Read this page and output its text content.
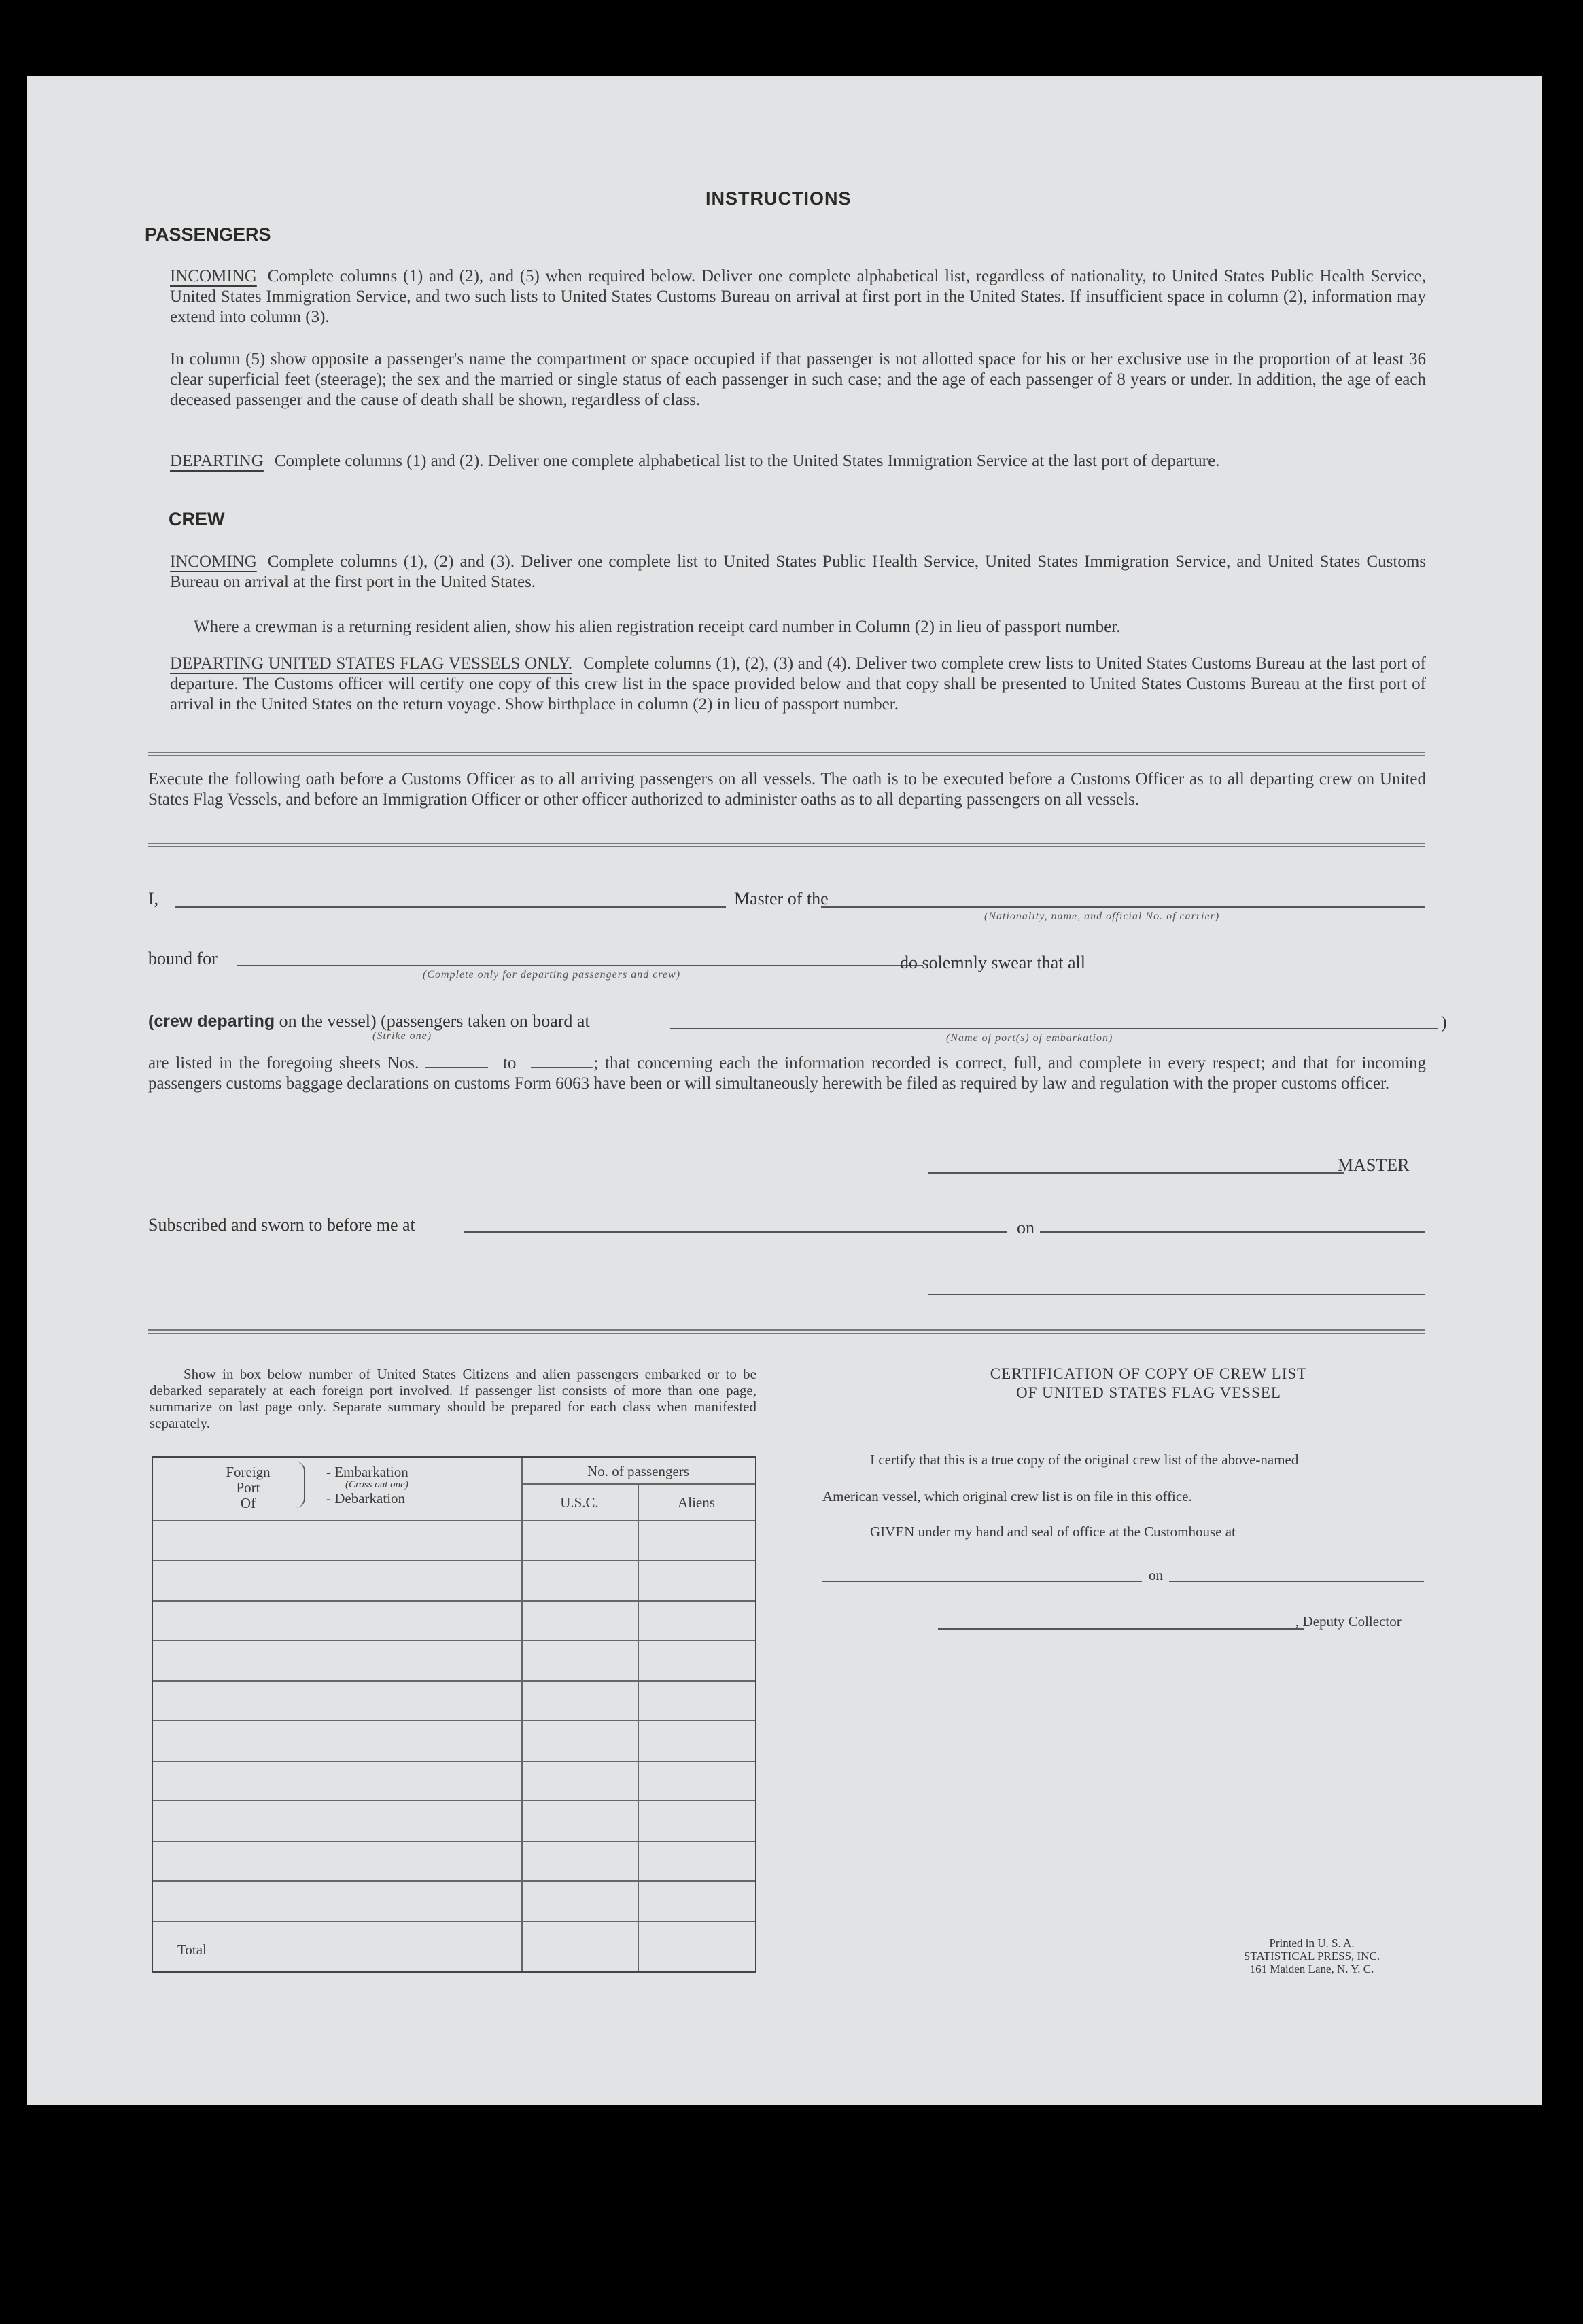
INSTRUCTIONS
PASSENGERS
INCOMING Complete columns (1) and (2), and (5) when required below. Deliver one complete alphabetical list, regardless of nationality, to United States Public Health Service, United States Immigration Service, and two such lists to United States Customs Bureau on arrival at first port in the United States. If insufficient space in column (2), information may extend into column (3).
In column (5) show opposite a passenger's name the compartment or space occupied if that passenger is not allotted space for his or her exclusive use in the proportion of at least 36 clear superficial feet (steerage); the sex and the married or single status of each passenger in such case; and the age of each passenger of 8 years or under. In addition, the age of each deceased passenger and the cause of death shall be shown, regardless of class.
DEPARTING Complete columns (1) and (2). Deliver one complete alphabetical list to the United States Immigration Service at the last port of departure.
CREW
INCOMING Complete columns (1), (2) and (3). Deliver one complete list to United States Public Health Service, United States Immigration Service, and United States Customs Bureau on arrival at the first port in the United States.
Where a crewman is a returning resident alien, show his alien registration receipt card number in Column (2) in lieu of passport number.
DEPARTING UNITED STATES FLAG VESSELS ONLY. Complete columns (1), (2), (3) and (4). Deliver two complete crew lists to United States Customs Bureau at the last port of departure. The Customs officer will certify one copy of this crew list in the space provided below and that copy shall be presented to United States Customs Bureau at the first port of arrival in the United States on the return voyage. Show birthplace in column (2) in lieu of passport number.
Execute the following oath before a Customs Officer as to all arriving passengers on all vessels. The oath is to be executed before a Customs Officer as to all departing crew on United States Flag Vessels, and before an Immigration Officer or other officer authorized to administer oaths as to all departing passengers on all vessels.
I,	Master of the
(Nationality, name, and official No. of carrier)
bound for
(Complete only for departing passengers and crew)
do solemnly swear that all
(crew departing on the vessel) (passengers taken on board at
(Strike one)	(Name of port(s) of embarkation)
)
are listed in the foregoing sheets Nos.	to	; that concerning each the information recorded is correct, full, and complete in every respect; and that for incoming passengers customs baggage declarations on customs Form 6063 have been or will simultaneously herewith be filed as required by law and regulation with the proper customs officer.
MASTER
Subscribed and sworn to before me at	on
Show in box below number of United States Citizens and alien passengers embarked or to be debarked separately at each foreign port involved. If passenger list consists of more than one page, summarize on last page only. Separate summary should be prepared for each class when manifested separately.
Foreign
Port
Of
- Embarkation
(Cross out one)
- Debarkation
No. of passengers
U.S.C.	Aliens
Total
CERTIFICATION OF COPY OF CREW LIST
OF UNITED STATES FLAG VESSEL
I certify that this is a true copy of the original crew list of the above-named
American vessel, which original crew list is on file in this office.
GIVEN under my hand and seal of office at the Customhouse at
on
, Deputy Collector
Printed in U. S. A.
STATISTICAL PRESS, INC.
161 Maiden Lane, N. Y. C.
